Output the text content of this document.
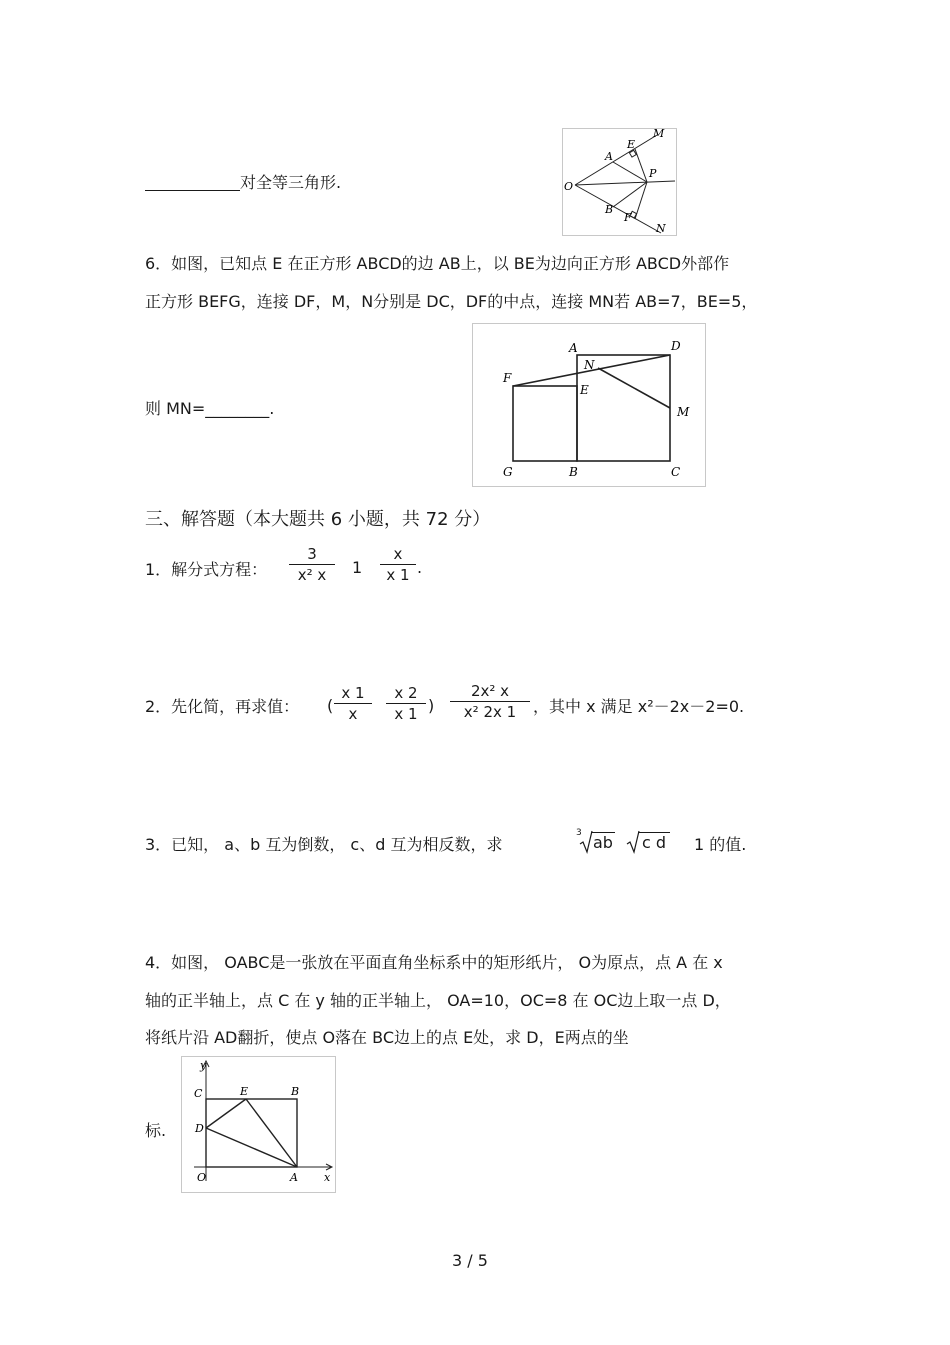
对全等三角形.
M
E
A
P
O
B
F
N
6．如图，已知点 E 在正方形 ABCD的边 AB上，以 BE为边向正方形 ABCD外部作
正方形 BEFG，连接 DF，M，N分别是 DC，DF的中点，连接 MN若 AB=7，BE=5，
则 MN=________.
A
N
D
F
E
M
G	B	C
三、解答题（本大题共 6 小题，共 72 分）
1．解分式方程：
3
x² x	1
x
x 1 .
2．先化简，再求值： (
x 1
x
x 2
x 1 )
2x² x
x² 2x 1	，其中 x 满足 x²－2x－2=0.
3．已知， a、b 互为倒数， c、d 互为相反数，求
3 ab c d 1 的值.
4．如图， OABC是一张放在平面直角坐标系中的矩形纸片， O为原点，点 A 在 x
轴的正半轴上，点 C 在 y 轴的正半轴上， OA=10，OC=8 在 OC边上取一点 D，
将纸片沿 AD翻折，使点 O落在 BC边上的点 E处，求 D，E两点的坐
标.
y
C	E	B
D
O	A x
3 / 5
